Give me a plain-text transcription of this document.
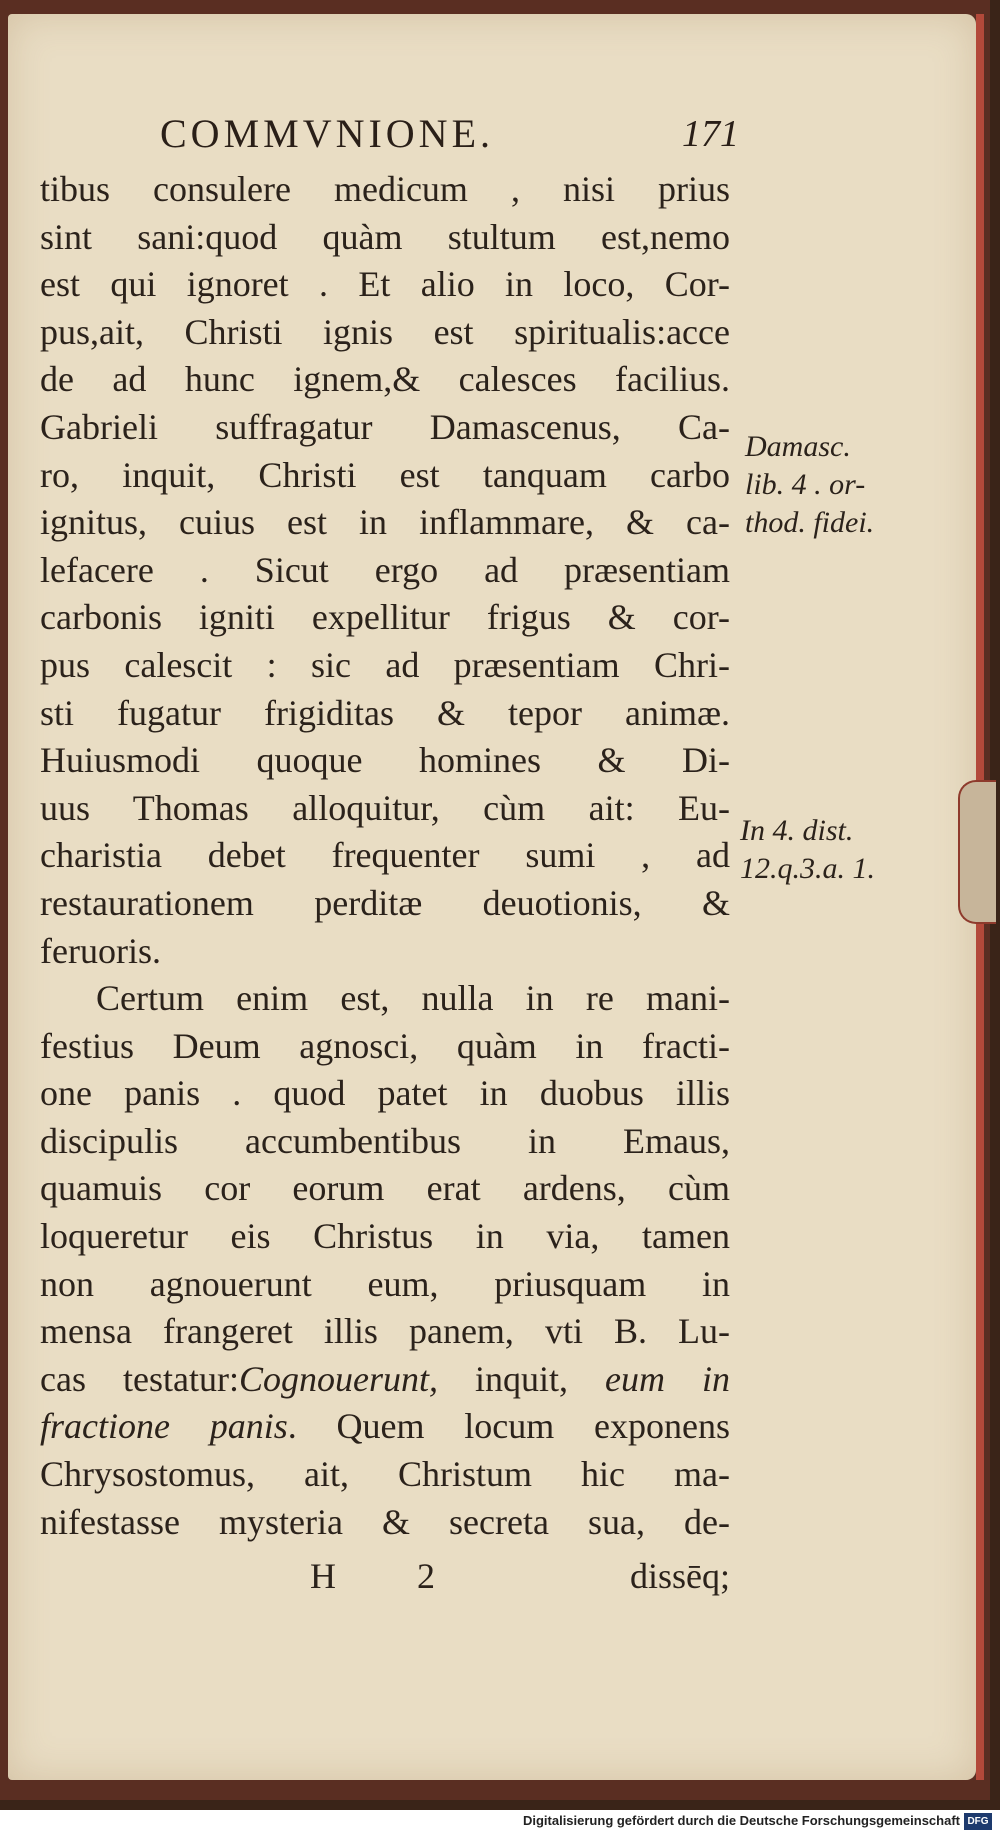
COMMVNIONE.	171
tibus consulere medicum , nisi prius
sint sani:quod quàm stultum est,nemo
est qui ignoret . Et alio in loco, Cor-
pus,ait, Christi ignis est spiritualis:acce
de ad hunc ignem,& calesces facilius.
Gabrieli suffragatur Damascenus, Ca-
ro, inquit, Christi est tanquam carbo
ignitus, cuius est in inflammare, & ca-
lefacere . Sicut ergo ad præsentiam
carbonis igniti expellitur frigus & cor-
pus calescit : sic ad præsentiam Chri-
sti fugatur frigiditas & tepor animæ.
Huiusmodi quoque homines & Di-
uus Thomas alloquitur, cùm ait: Eu-
charistia debet frequenter sumi , ad
restaurationem perditæ deuotionis, &
feruoris.
Certum enim est, nulla in re mani-
festius Deum agnosci, quàm in fracti-
one panis . quod patet in duobus illis
discipulis accumbentibus in Emaus,
quamuis cor eorum erat ardens, cùm
loqueretur eis Christus in via, tamen
non agnouerunt eum, priusquam in
mensa frangeret illis panem, vti B. Lu-
cas testatur:Cognouerunt, inquit, eum in
fractione panis. Quem locum exponens
Chrysostomus, ait, Christum hic ma-
nifestasse mysteria & secreta sua, de-
Damasc.
lib. 4 . or-
thod. fidei.
In 4. dist.
12.q.3.a. 1.
H 2	dissēq;
Digitalisierung gefördert durch die Deutsche Forschungsgemeinschaft DFG
